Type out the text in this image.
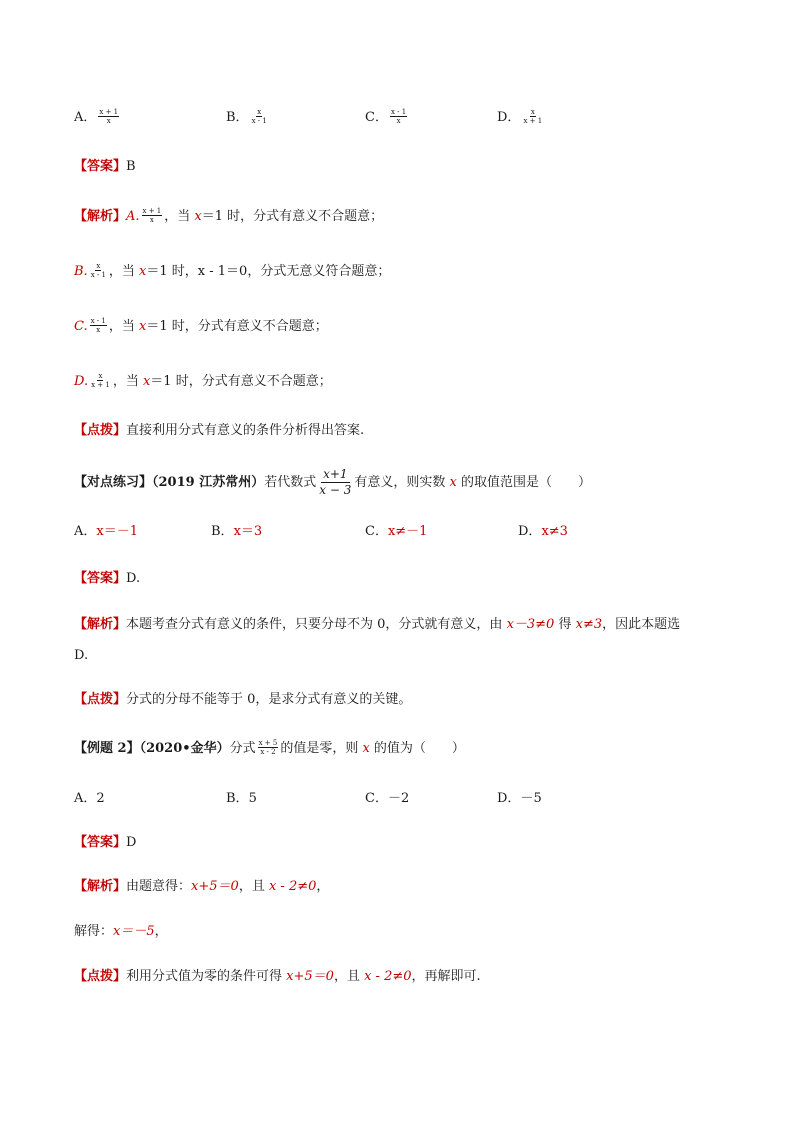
A． $\frac{x + 1}{x}$	B． $\frac{x}{x - 1}$	C． $\frac{x - 1}{x}$	D． $\frac{x}{x + 1}$
【答案】B
【解析】A. $\frac{x + 1}{x}$ ，当 x＝1 时，分式有意义不合题意；
B. $\frac{x}{x - 1}$ ，当 x＝1 时，x - 1＝0，分式无意义符合题意；
C. $\frac{x - 1}{x}$ ，当 x＝1 时，分式有意义不合题意；
D. $\frac{x}{x + 1}$ ，当 x＝1 时，分式有意义不合题意；
【点拨】直接利用分式有意义的条件分析得出答案.
【对点练习】（2019 江苏常州）若代数式 $\frac{x+1}{x - 3}$ 有意义，则实数 x 的取值范围是（　　）
A．x＝－1	B．x＝3	C．x≠－1	D．x≠3
【答案】D.
【解析】本题考查分式有意义的条件，只要分母不为 0，分式就有意义，由 x－3≠0 得 x≠3，因此本题选
D.
【点拨】分式的分母不能等于 0，是求分式有意义的关键。
【例题 2】（2020•金华）分式 $\frac{x + 5}{x - 2}$ 的值是零，则 x 的值为（　　）
A．2	B．5	C．－2	D．－5
【答案】D
【解析】由题意得：x+5＝0，且 x - 2≠0，
解得：x＝－5，
【点拨】利用分式值为零的条件可得 x+5＝0，且 x - 2≠0，再解即可.
